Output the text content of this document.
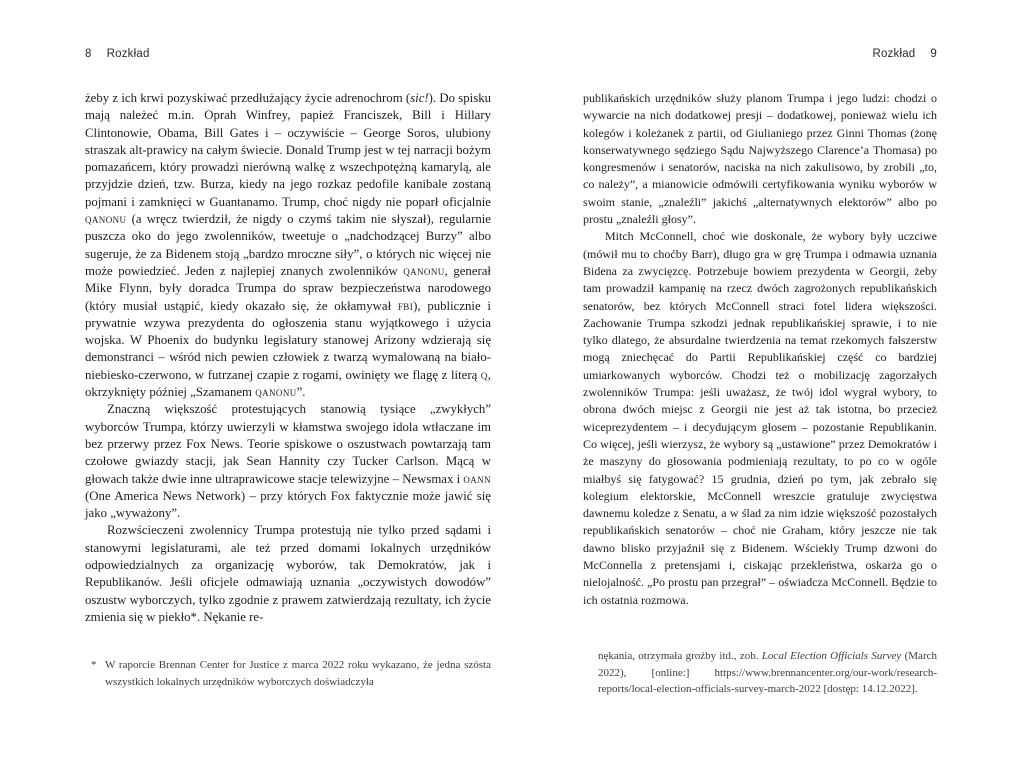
8 Rozkład

żeby z ich krwi pozyskiwać przedłużający życie adrenochrom (sic!). Do spisku mają należeć m.in. Oprah Winfrey, papież Franciszek, Bill i Hillary Clintonowie, Obama, Bill Gates i – oczywiście – George Soros, ulubiony straszak alt-prawicy na całym świecie. Donald Trump jest w tej narracji bożym pomazańcem, który prowadzi nierówną walkę z wszechpotężną kamarylą, ale przyjdzie dzień, tzw. Burza, kiedy na jego rozkaz pedofile kanibale zostaną pojmani i zamknięci w Guantanamo. Trump, choć nigdy nie poparł oficjalnie qanonu (a wręcz twierdził, że nigdy o czymś takim nie słyszał), regularnie puszcza oko do jego zwolenników, tweetuje o „nadchodzącej Burzy” albo sugeruje, że za Bidenem stoją „bardzo mroczne siły”, o których nic więcej nie może powiedzieć. Jeden z najlepiej znanych zwolenników qanonu, generał Mike Flynn, były doradca Trumpa do spraw bezpieczeństwa narodowego (który musiał ustąpić, kiedy okazało się, że okłamywał fbi), publicznie i prywatnie wzywa prezydenta do ogłoszenia stanu wyjątkowego i użycia wojska. W Phoenix do budynku legislatury stanowej Arizony wdzierają się demonstranci – wśród nich pewien człowiek z twarzą wymalowaną na biało-niebiesko-czerwono, w futrzanej czapie z rogami, owinięty we flagę z literą q, okrzyknięty później „Szamanem qanonu”.

Znaczną większość protestujących stanowią tysiące „zwykłych” wyborców Trumpa, którzy uwierzyli w kłamstwa swojego idola wtłaczane im bez przerwy przez Fox News. Teorie spiskowe o oszustwach powtarzają tam czołowe gwiazdy stacji, jak Sean Hannity czy Tucker Carlson. Mącą w głowach także dwie inne ultraprawicowe stacje telewizyjne – Newsmax i oann (One America News Network) – przy których Fox faktycznie może jawić się jako „wyważony”.

Rozwścieczeni zwolennicy Trumpa protestują nie tylko przed sądami i stanowymi legislaturami, ale też przed domami lokalnych urzędników odpowiedzialnych za organizację wyborów, tak Demokratów, jak i Republikanów. Jeśli oficjele odmawiają uznania „oczywistych dowodów” oszustw wyborczych, tylko zgodnie z prawem zatwierdzają rezultaty, ich życie zmienia się w piekło*. Nękanie re-

* W raporcie Brennan Center for Justice z marca 2022 roku wykazano, że jedna szósta wszystkich lokalnych urzędników wyborczych doświadczyła
Rozkład 9

publikańskich urzędników służy planom Trumpa i jego ludzi: chodzi o wywarcie na nich dodatkowej presji – dodatkowej, ponieważ wielu ich kolegów i koleżanek z partii, od Giulianiego przez Ginni Thomas (żonę konserwatywnego sędziego Sądu Najwyższego Clarence’a Thomasa) po kongresmenów i senatorów, naciska na nich zakulisowo, by zrobili „to, co należy”, a mianowicie odmówili certyfikowania wyniku wyborów w swoim stanie, „znaleźli” jakichś „alternatywnych elektorów” albo po prostu „znaleźli głosy”.

Mitch McConnell, choć wie doskonale, że wybory były uczciwe (mówił mu to choćby Barr), długo gra w grę Trumpa i odmawia uznania Bidena za zwycięzcę. Potrzebuje bowiem prezydenta w Georgii, żeby tam prowadził kampanię na rzecz dwóch zagrożonych republikańskich senatorów, bez których McConnell straci fotel lidera większości. Zachowanie Trumpa szkodzi jednak republikańskiej sprawie, i to nie tylko dlatego, że absurdalne twierdzenia na temat rzekomych fałszerstw mogą zniechęcać do Partii Republikańskiej część co bardziej umiarkowanych wyborców. Chodzi też o mobilizację zagorzałych zwolenników Trumpa: jeśli uważasz, że twój idol wygrał wybory, to obrona dwóch miejsc z Georgii nie jest aż tak istotna, bo przecież wiceprezydentem – i decydującym głosem – pozostanie Republikanin. Co więcej, jeśli wierzysz, że wybory są „ustawione” przez Demokratów i że maszyny do głosowania podmieniają rezultaty, to po co w ogóle miałbyś się fatygować? 15 grudnia, dzień po tym, jak zebrało się kolegium elektorskie, McConnell wreszcie gratuluje zwycięstwa dawnemu koledze z Senatu, a w ślad za nim idzie większość pozostałych republikańskich senatorów – choć nie Graham, który jeszcze nie tak dawno blisko przyjaźnił się z Bidenem. Wściekły Trump dzwoni do McConnella z pretensjami i, ciskając przekleństwa, oskarża go o nielojalność. „Po prostu pan przegrał” – oświadcza McConnell. Będzie to ich ostatnia rozmowa.

nękania, otrzymała groźby itd., zob. Local Election Officials Survey (March 2022), [online:] https://www.brennancenter.org/our-work/research-reports/local-election-officials-survey-march-2022 [dostęp: 14.12.2022].
